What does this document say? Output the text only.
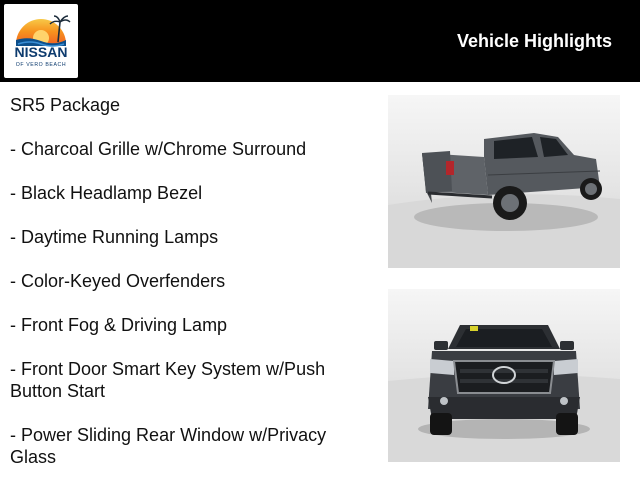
NISSAN
OF VERO BEACH
Vehicle Highlights

SR5 Package

- Charcoal Grille w/Chrome Surround

- Black Headlamp Bezel

- Daytime Running Lamps

- Color-Keyed Overfenders

- Front Fog & Driving Lamp

- Front Door Smart Key System w/Push Button Start

- Power Sliding Rear Window w/Privacy Glass
